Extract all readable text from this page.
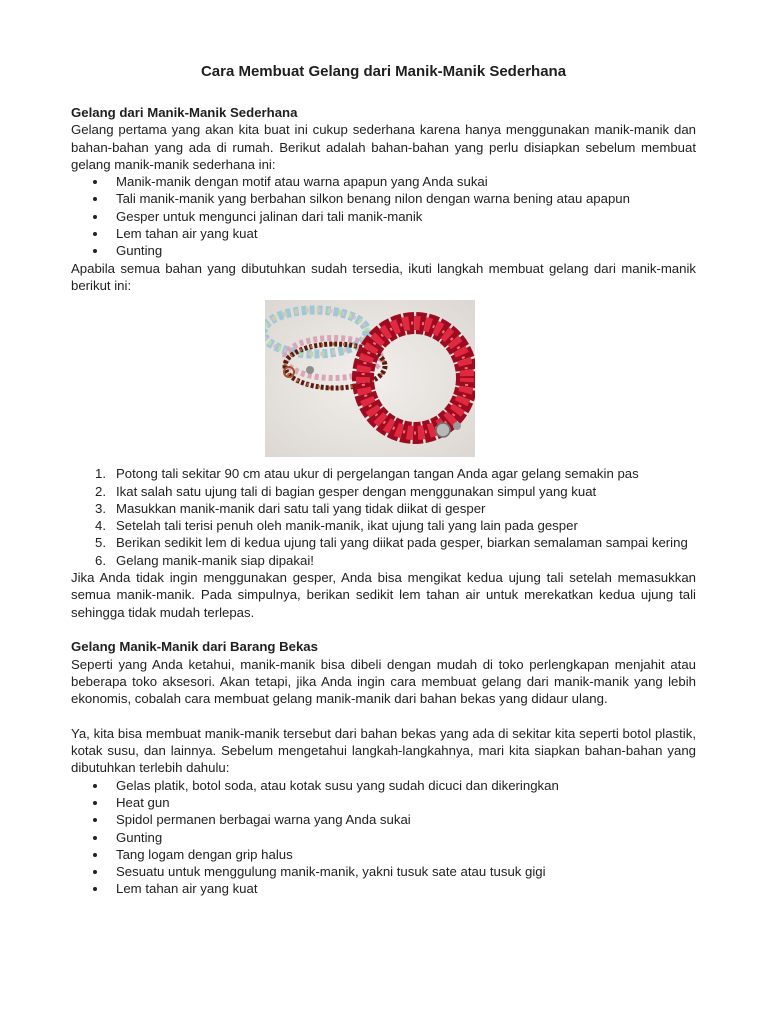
Cara Membuat Gelang dari Manik-Manik Sederhana
Gelang dari Manik-Manik Sederhana

Gelang pertama yang akan kita buat ini cukup sederhana karena hanya menggunakan manik-manik dan bahan-bahan yang ada di rumah. Berikut adalah bahan-bahan yang perlu disiapkan sebelum membuat gelang manik-manik sederhana ini:

Manik-manik dengan motif atau warna apapun yang Anda sukai
Tali manik-manik yang berbahan silkon benang nilon dengan warna bening atau apapun
Gesper untuk mengunci jalinan dari tali manik-manik
Lem tahan air yang kuat
Gunting

Apabila semua bahan yang dibutuhkan sudah tersedia, ikuti langkah membuat gelang dari manik-manik berikut ini:

1. Potong tali sekitar 90 cm atau ukur di pergelangan tangan Anda agar gelang semakin pas
2. Ikat salah satu ujung tali di bagian gesper dengan menggunakan simpul yang kuat
3. Masukkan manik-manik dari satu tali yang tidak diikat di gesper
4. Setelah tali terisi penuh oleh manik-manik, ikat ujung tali yang lain pada gesper
5. Berikan sedikit lem di kedua ujung tali yang diikat pada gesper, biarkan semalaman sampai kering
6. Gelang manik-manik siap dipakai!

Jika Anda tidak ingin menggunakan gesper, Anda bisa mengikat kedua ujung tali setelah memasukkan semua manik-manik. Pada simpulnya, berikan sedikit lem tahan air untuk merekatkan kedua ujung tali sehingga tidak mudah terlepas.

Gelang Manik-Manik dari Barang Bekas

Seperti yang Anda ketahui, manik-manik bisa dibeli dengan mudah di toko perlengkapan menjahit atau beberapa toko aksesori. Akan tetapi, jika Anda ingin cara membuat gelang dari manik-manik yang lebih ekonomis, cobalah cara membuat gelang manik-manik dari bahan bekas yang didaur ulang.

Ya, kita bisa membuat manik-manik tersebut dari bahan bekas yang ada di sekitar kita seperti botol plastik, kotak susu, dan lainnya. Sebelum mengetahui langkah-langkahnya, mari kita siapkan bahan-bahan yang dibutuhkan terlebih dahulu:

Gelas platik, botol soda, atau kotak susu yang sudah dicuci dan dikeringkan
Heat gun
Spidol permanen berbagai warna yang Anda sukai
Gunting
Tang logam dengan grip halus
Sesuatu untuk menggulung manik-manik, yakni tusuk sate atau tusuk gigi
Lem tahan air yang kuat
